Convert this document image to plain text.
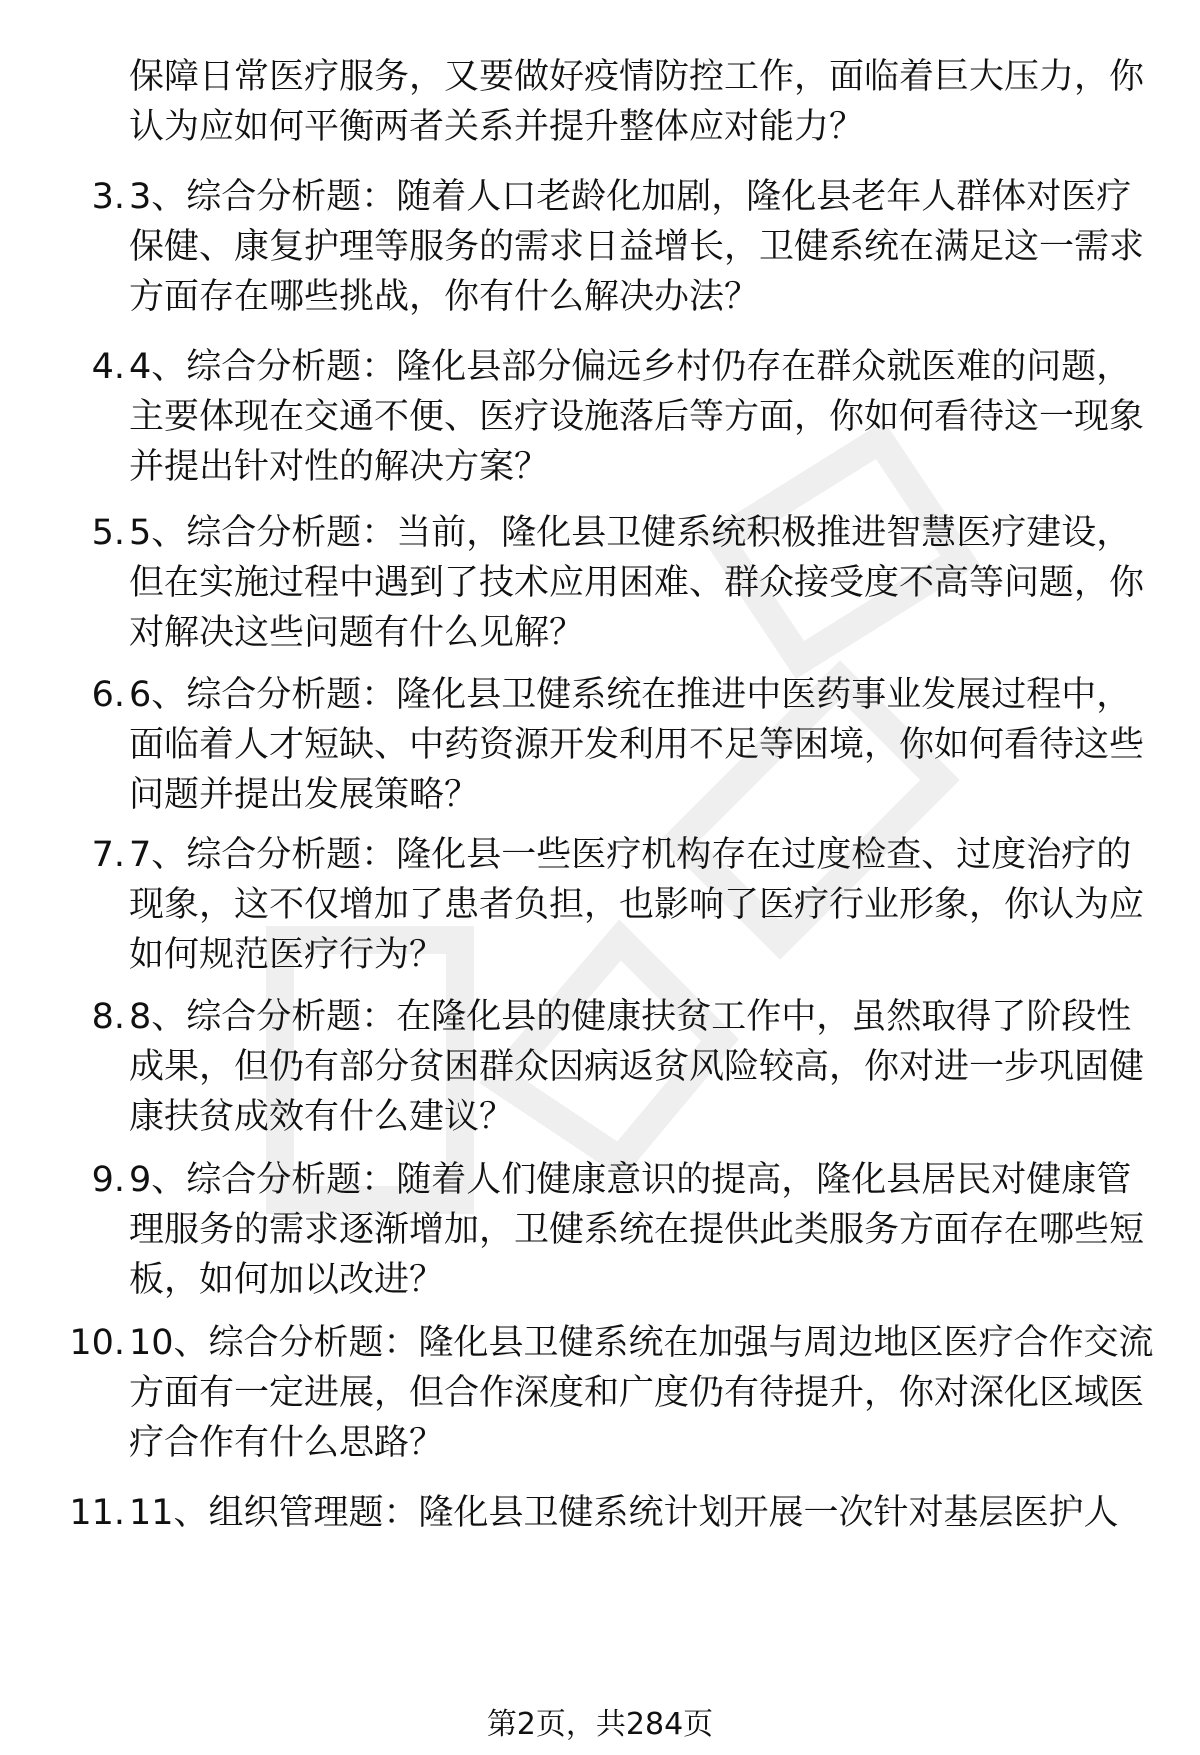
保障日常医疗服务，又要做好疫情防控工作，面临着巨大压力，你认为应如何平衡两者关系并提升整体应对能力？

3. 3、综合分析题：随着人口老龄化加剧，隆化县老年人群体对医疗保健、康复护理等服务的需求日益增长，卫健系统在满足这一需求方面存在哪些挑战，你有什么解决办法？

4. 4、综合分析题：隆化县部分偏远乡村仍存在群众就医难的问题，主要体现在交通不便、医疗设施落后等方面，你如何看待这一现象并提出针对性的解决方案？

5. 5、综合分析题：当前，隆化县卫健系统积极推进智慧医疗建设，但在实施过程中遇到了技术应用困难、群众接受度不高等问题，你对解决这些问题有什么见解？

6. 6、综合分析题：隆化县卫健系统在推进中医药事业发展过程中，面临着人才短缺、中药资源开发利用不足等困境，你如何看待这些问题并提出发展策略？

7. 7、综合分析题：隆化县一些医疗机构存在过度检查、过度治疗的现象，这不仅增加了患者负担，也影响了医疗行业形象，你认为应如何规范医疗行为？

8. 8、综合分析题：在隆化县的健康扶贫工作中，虽然取得了阶段性成果，但仍有部分贫困群众因病返贫风险较高，你对进一步巩固健康扶贫成效有什么建议？

9. 9、综合分析题：随着人们健康意识的提高，隆化县居民对健康管理服务的需求逐渐增加，卫健系统在提供此类服务方面存在哪些短板，如何加以改进？

10. 10、综合分析题：隆化县卫健系统在加强与周边地区医疗合作交流方面有一定进展，但合作深度和广度仍有待提升，你对深化区域医疗合作有什么思路？

11. 11、组织管理题：隆化县卫健系统计划开展一次针对基层医护人

第2页，共284页
